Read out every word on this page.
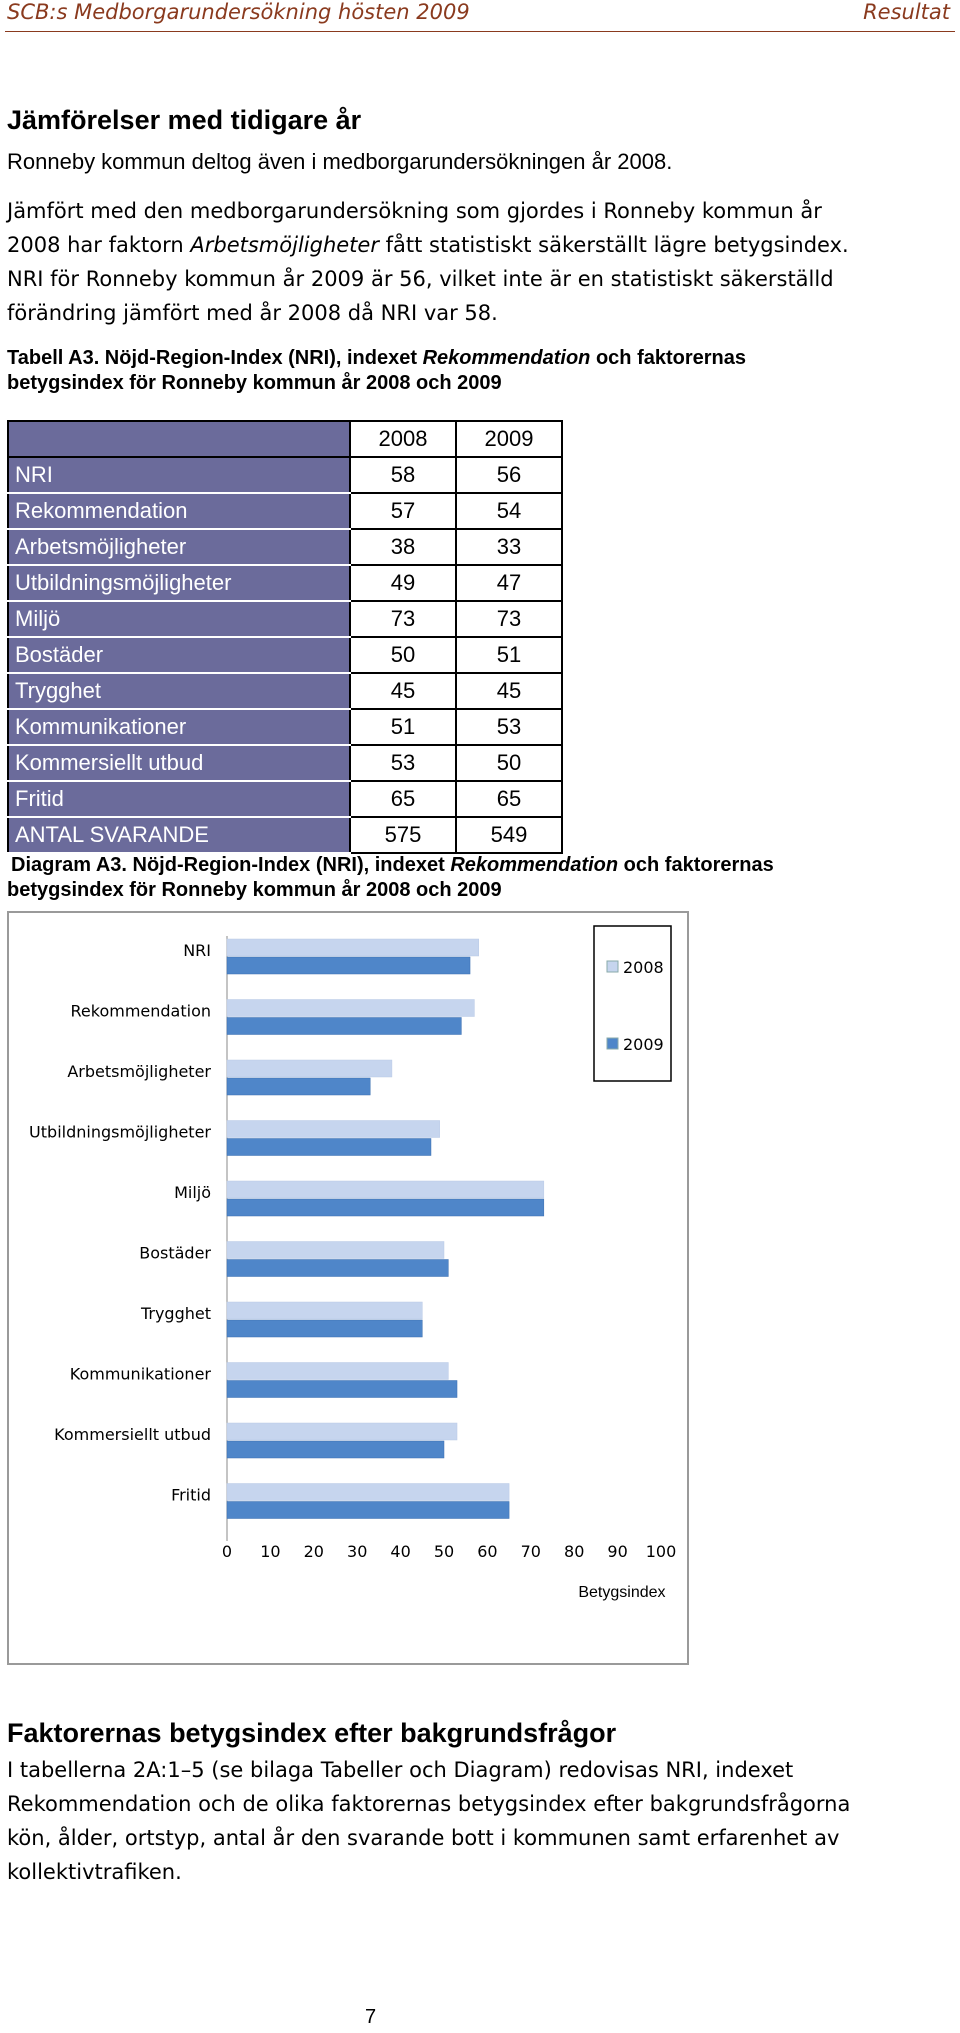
SCB:s Medborgarundersökning hösten 2009	Resultat
Jämförelser med tidigare år
Ronneby kommun deltog även i medborgarundersökningen år 2008.
Jämfört med den medborgarundersökning som gjordes i Ronneby kommun år
2008 har faktorn Arbetsmöjligheter fått statistiskt säkerställt lägre betygsindex.
NRI för Ronneby kommun år 2009 är 56, vilket inte är en statistiskt säkerställd
förändring jämfört med år 2008 då NRI var 58.
Tabell A3. Nöjd-Region-Index (NRI), indexet Rekommendation och faktorernas
betygsindex för Ronneby kommun år 2008 och 2009
	2008	2009
NRI	58	56
Rekommendation	57	54
Arbetsmöjligheter	38	33
Utbildningsmöjligheter	49	47
Miljö	73	73
Bostäder	50	51
Trygghet	45	45
Kommunikationer	51	53
Kommersiellt utbud	53	50
Fritid	65	65
ANTAL SVARANDE	575	549
Diagram A3. Nöjd-Region-Index (NRI), indexet Rekommendation och faktorernas
betygsindex för Ronneby kommun år 2008 och 2009
NRI
Rekommendation
Arbetsmöjligheter
Utbildningsmöjligheter
Miljö
Bostäder
Trygghet
Kommunikationer
Kommersiellt utbud
Fritid
0 10 20 30 40 50 60 70 80 90 100
Betygsindex
2008
2009
Faktorernas betygsindex efter bakgrundsfrågor
I tabellerna 2A:1–5 (se bilaga Tabeller och Diagram) redovisas NRI, indexet
Rekommendation och de olika faktorernas betygsindex efter bakgrundsfrågorna
kön, ålder, ortstyp, antal år den svarande bott i kommunen samt erfarenhet av
kollektivtrafiken.
7
